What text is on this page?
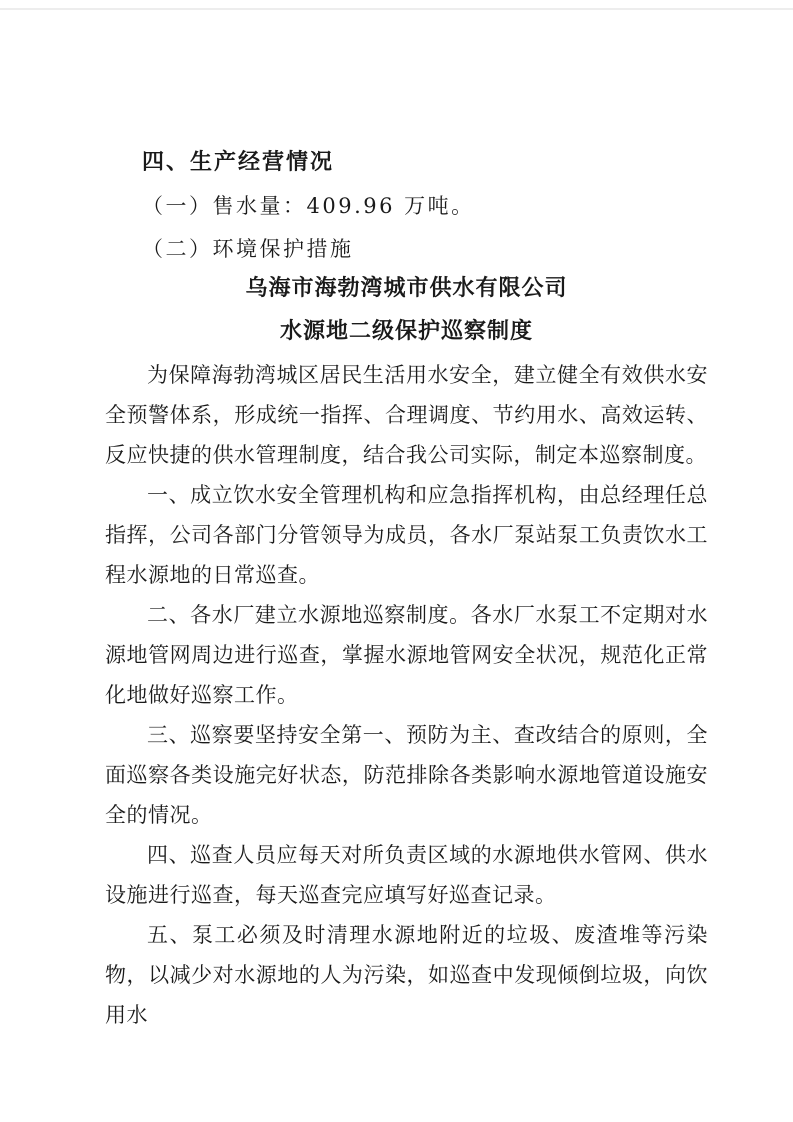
四、生产经营情况

（一）售水量：409.96 万吨。

（二）环境保护措施

乌海市海勃湾城市供水有限公司
水源地二级保护巡察制度

为保障海勃湾城区居民生活用水安全，建立健全有效供水安全预警体系，形成统一指挥、合理调度、节约用水、高效运转、反应快捷的供水管理制度，结合我公司实际，制定本巡察制度。

一、成立饮水安全管理机构和应急指挥机构，由总经理任总指挥，公司各部门分管领导为成员，各水厂泵站泵工负责饮水工程水源地的日常巡查。

二、各水厂建立水源地巡察制度。各水厂水泵工不定期对水源地管网周边进行巡查，掌握水源地管网安全状况，规范化正常化地做好巡察工作。

三、巡察要坚持安全第一、预防为主、查改结合的原则，全面巡察各类设施完好状态，防范排除各类影响水源地管道设施安全的情况。

四、巡查人员应每天对所负责区域的水源地供水管网、供水设施进行巡查，每天巡查完应填写好巡查记录。

五、泵工必须及时清理水源地附近的垃圾、废渣堆等污染物，以减少对水源地的人为污染，如巡查中发现倾倒垃圾，向饮用水
